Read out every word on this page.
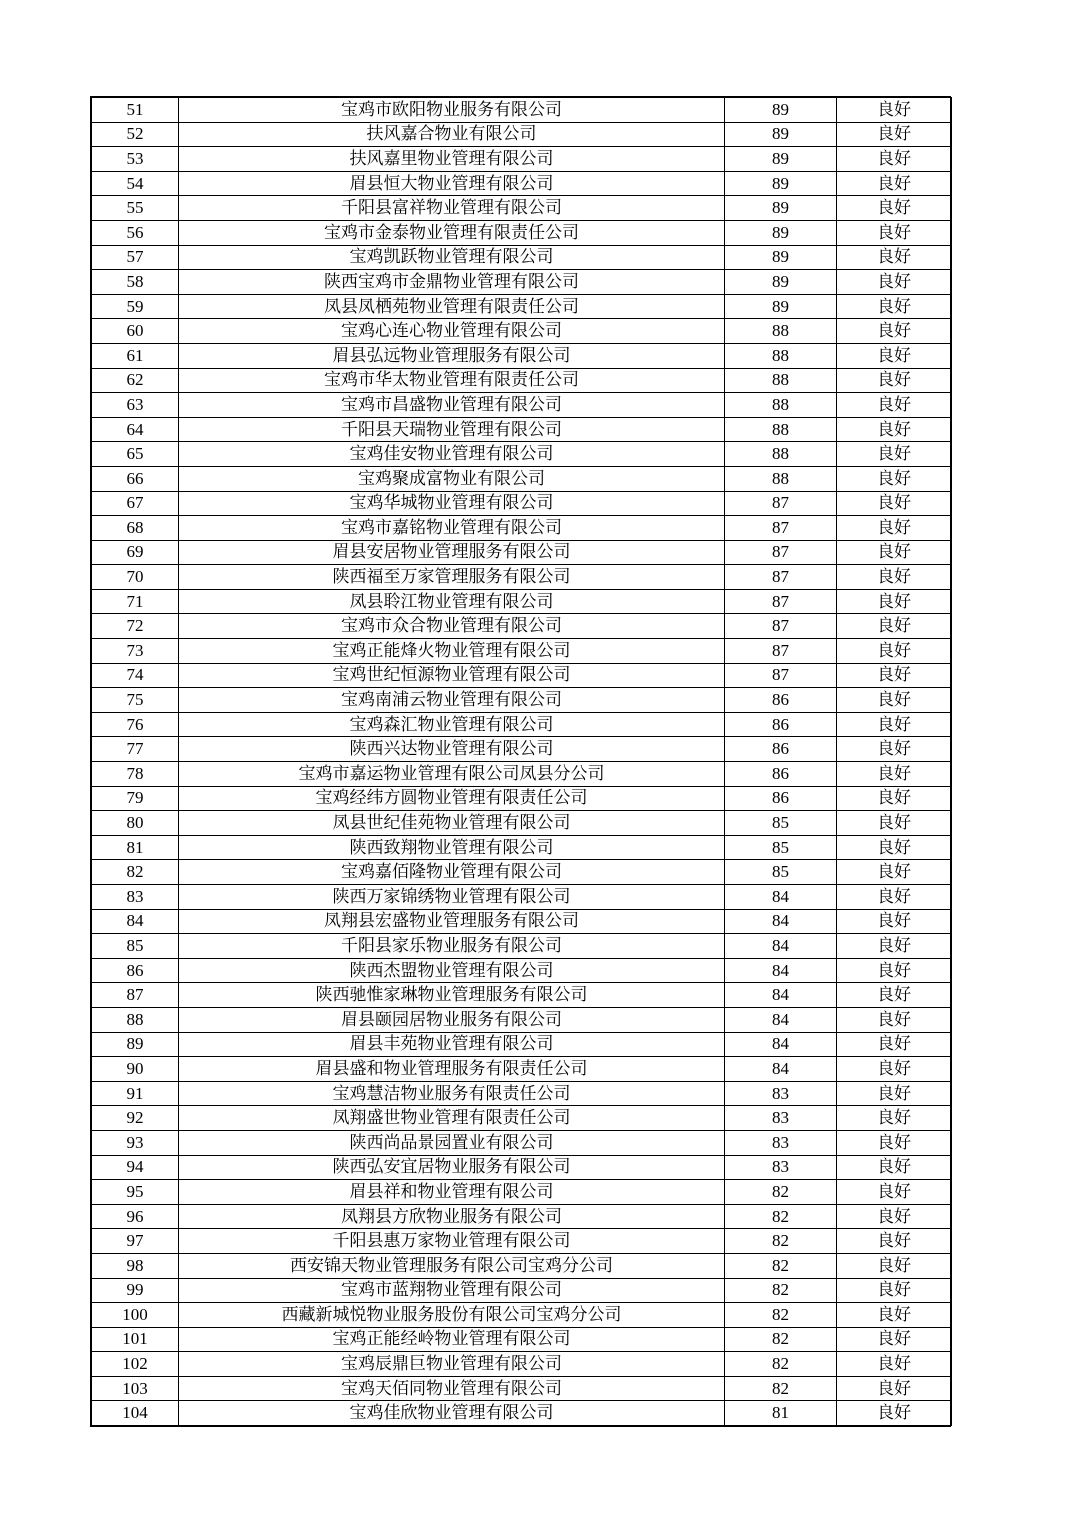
51	宝鸡市欧阳物业服务有限公司	89	良好
52	扶风嘉合物业有限公司	89	良好
53	扶风嘉里物业管理有限公司	89	良好
54	眉县恒大物业管理有限公司	89	良好
55	千阳县富祥物业管理有限公司	89	良好
56	宝鸡市金泰物业管理有限责任公司	89	良好
57	宝鸡凯跃物业管理有限公司	89	良好
58	陕西宝鸡市金鼎物业管理有限公司	89	良好
59	凤县凤栖苑物业管理有限责任公司	89	良好
60	宝鸡心连心物业管理有限公司	88	良好
61	眉县弘远物业管理服务有限公司	88	良好
62	宝鸡市华太物业管理有限责任公司	88	良好
63	宝鸡市昌盛物业管理有限公司	88	良好
64	千阳县天瑞物业管理有限公司	88	良好
65	宝鸡佳安物业管理有限公司	88	良好
66	宝鸡聚成富物业有限公司	88	良好
67	宝鸡华城物业管理有限公司	87	良好
68	宝鸡市嘉铭物业管理有限公司	87	良好
69	眉县安居物业管理服务有限公司	87	良好
70	陕西福至万家管理服务有限公司	87	良好
71	凤县聆江物业管理有限公司	87	良好
72	宝鸡市众合物业管理有限公司	87	良好
73	宝鸡正能烽火物业管理有限公司	87	良好
74	宝鸡世纪恒源物业管理有限公司	87	良好
75	宝鸡南浦云物业管理有限公司	86	良好
76	宝鸡森汇物业管理有限公司	86	良好
77	陕西兴达物业管理有限公司	86	良好
78	宝鸡市嘉运物业管理有限公司凤县分公司	86	良好
79	宝鸡经纬方圆物业管理有限责任公司	86	良好
80	凤县世纪佳苑物业管理有限公司	85	良好
81	陕西致翔物业管理有限公司	85	良好
82	宝鸡嘉佰隆物业管理有限公司	85	良好
83	陕西万家锦绣物业管理有限公司	84	良好
84	凤翔县宏盛物业管理服务有限公司	84	良好
85	千阳县家乐物业服务有限公司	84	良好
86	陕西杰盟物业管理有限公司	84	良好
87	陕西驰惟家琳物业管理服务有限公司	84	良好
88	眉县颐园居物业服务有限公司	84	良好
89	眉县丰苑物业管理有限公司	84	良好
90	眉县盛和物业管理服务有限责任公司	84	良好
91	宝鸡慧洁物业服务有限责任公司	83	良好
92	凤翔盛世物业管理有限责任公司	83	良好
93	陕西尚品景园置业有限公司	83	良好
94	陕西弘安宜居物业服务有限公司	83	良好
95	眉县祥和物业管理有限公司	82	良好
96	凤翔县方欣物业服务有限公司	82	良好
97	千阳县惠万家物业管理有限公司	82	良好
98	西安锦天物业管理服务有限公司宝鸡分公司	82	良好
99	宝鸡市蓝翔物业管理有限公司	82	良好
100	西藏新城悦物业服务股份有限公司宝鸡分公司	82	良好
101	宝鸡正能经岭物业管理有限公司	82	良好
102	宝鸡辰鼎巨物业管理有限公司	82	良好
103	宝鸡天佰同物业管理有限公司	82	良好
104	宝鸡佳欣物业管理有限公司	81	良好
